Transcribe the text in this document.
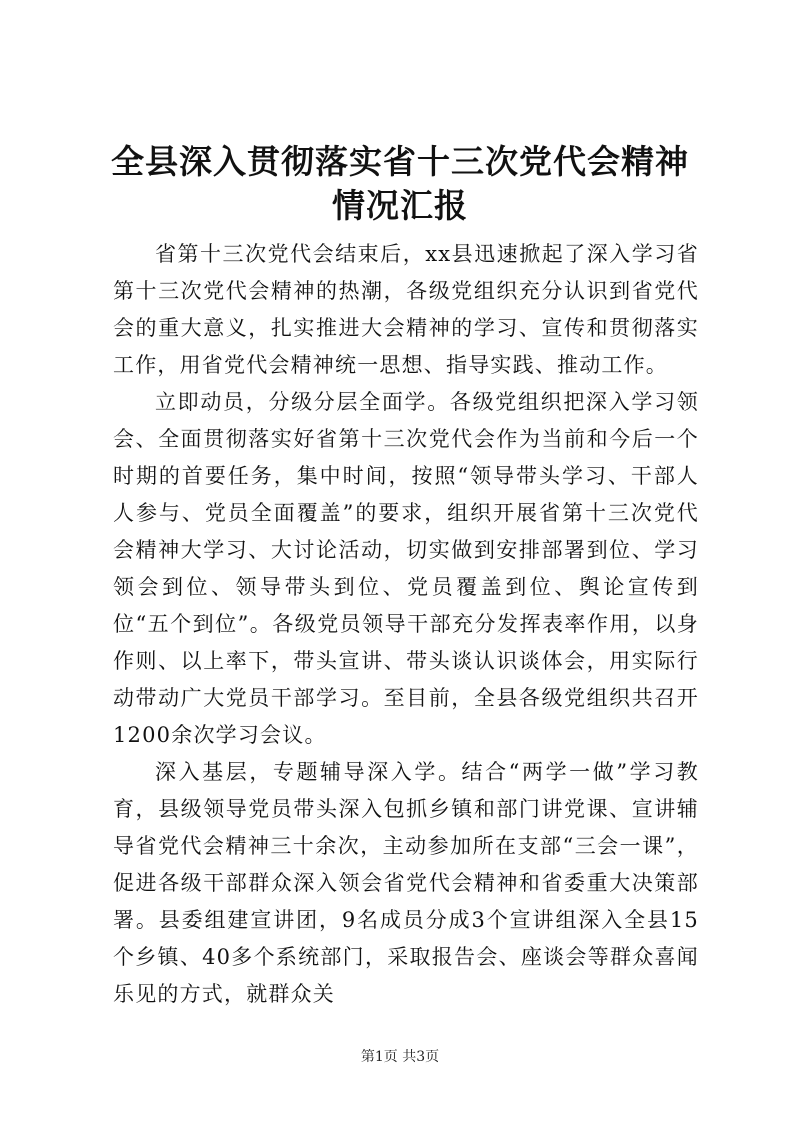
全县深入贯彻落实省十三次党代会精神情况汇报

省第十三次党代会结束后，xx县迅速掀起了深入学习省第十三次党代会精神的热潮，各级党组织充分认识到省党代会的重大意义，扎实推进大会精神的学习、宣传和贯彻落实工作，用省党代会精神统一思想、指导实践、推动工作。

立即动员，分级分层全面学。各级党组织把深入学习领会、全面贯彻落实好省第十三次党代会作为当前和今后一个时期的首要任务，集中时间，按照“领导带头学习、干部人人参与、党员全面覆盖”的要求，组织开展省第十三次党代会精神大学习、大讨论活动，切实做到安排部署到位、学习领会到位、领导带头到位、党员覆盖到位、舆论宣传到位“五个到位”。各级党员领导干部充分发挥表率作用，以身作则、以上率下，带头宣讲、带头谈认识谈体会，用实际行动带动广大党员干部学习。至目前，全县各级党组织共召开1200余次学习会议。

深入基层，专题辅导深入学。结合“两学一做”学习教育，县级领导党员带头深入包抓乡镇和部门讲党课、宣讲辅导省党代会精神三十余次，主动参加所在支部“三会一课”，促进各级干部群众深入领会省党代会精神和省委重大决策部署。县委组建宣讲团，9名成员分成3个宣讲组深入全县15个乡镇、40多个系统部门，采取报告会、座谈会等群众喜闻乐见的方式，就群众关

第1页 共3页
